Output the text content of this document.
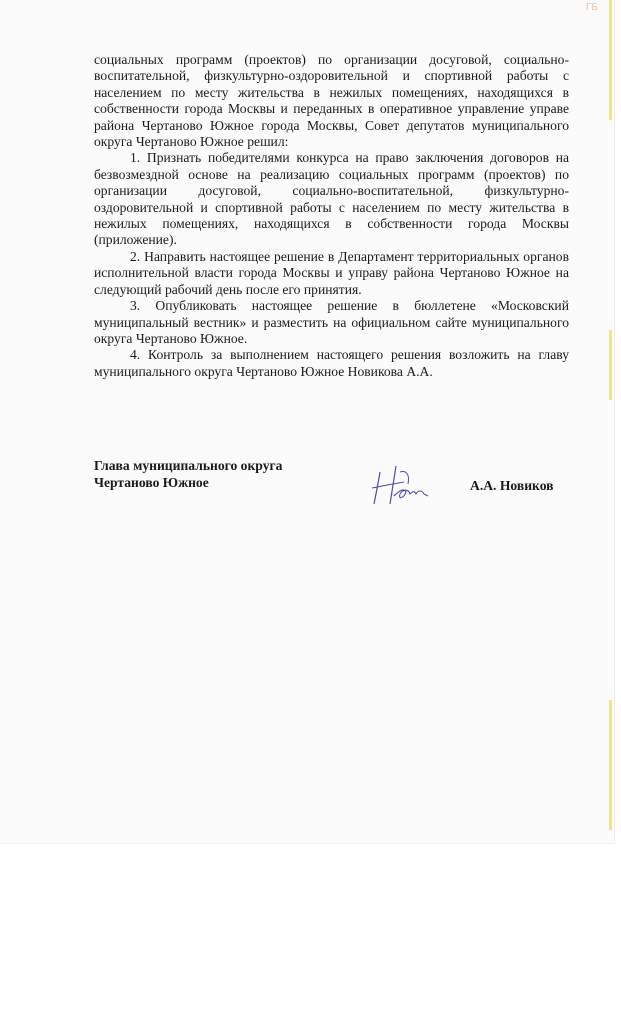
ГБ

социальных программ (проектов) по организации досуговой, социально-воспитательной, физкультурно-оздоровительной и спортивной работы с населением по месту жительства в нежилых помещениях, находящихся в собственности города Москвы и переданных в оперативное управление управе района Чертаново Южное города Москвы, Совет депутатов муниципального округа Чертаново Южное решил:

1. Признать победителями конкурса на право заключения договоров на безвозмездной основе на реализацию социальных программ (проектов) по организации досуговой, социально-воспитательной, физкультурно-оздоровительной и спортивной работы с населением по месту жительства в нежилых помещениях, находящихся в собственности города Москвы (приложение).

2. Направить настоящее решение в Департамент территориальных органов исполнительной власти города Москвы и управу района Чертаново Южное на следующий рабочий день после его принятия.

3. Опубликовать настоящее решение в бюллетене «Московский муниципальный вестник» и разместить на официальном сайте муниципального округа Чертаново Южное.

4. Контроль за выполнением настоящего решения возложить на главу муниципального округа Чертаново Южное Новикова А.А.

Глава муниципального округа
Чертаново Южное	А.А. Новиков
